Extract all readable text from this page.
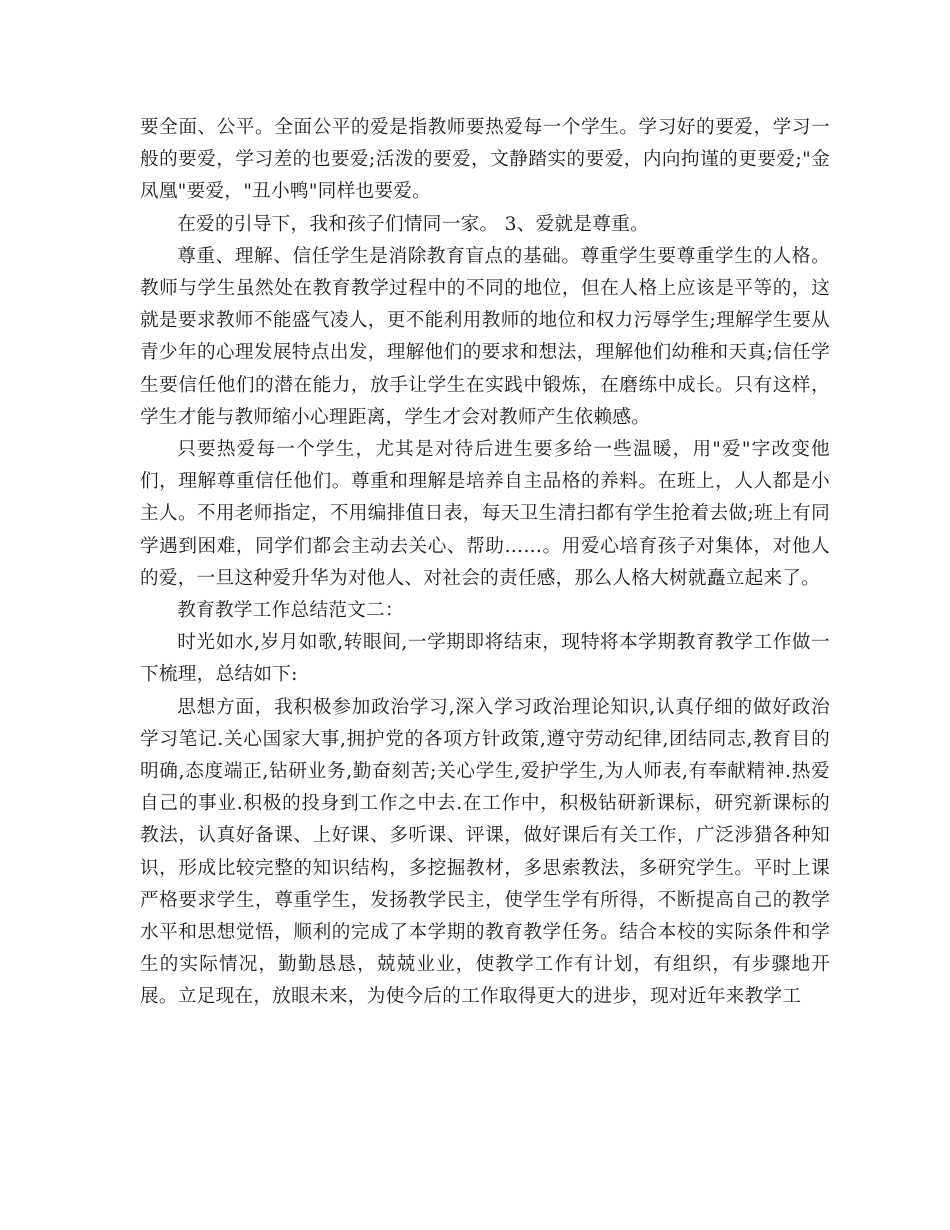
要全面、公平。全面公平的爱是指教师要热爱每一个学生。学习好的要爱，学习一般的要爱，学习差的也要爱;活泼的要爱，文静踏实的要爱，内向拘谨的更要爱;"金凤凰"要爱，"丑小鸭"同样也要爱。

在爱的引导下，我和孩子们情同一家。 3、爱就是尊重。

尊重、理解、信任学生是消除教育盲点的基础。尊重学生要尊重学生的人格。教师与学生虽然处在教育教学过程中的不同的地位，但在人格上应该是平等的，这就是要求教师不能盛气凌人，更不能利用教师的地位和权力污辱学生;理解学生要从青少年的心理发展特点出发，理解他们的要求和想法，理解他们幼稚和天真;信任学生要信任他们的潜在能力，放手让学生在实践中锻炼，在磨练中成长。只有这样，学生才能与教师缩小心理距离，学生才会对教师产生依赖感。

只要热爱每一个学生，尤其是对待后进生要多给一些温暖，用"爱"字改变他们，理解尊重信任他们。尊重和理解是培养自主品格的养料。在班上，人人都是小主人。不用老师指定，不用编排值日表，每天卫生清扫都有学生抢着去做;班上有同学遇到困难，同学们都会主动去关心、帮助……。用爱心培育孩子对集体，对他人的爱，一旦这种爱升华为对他人、对社会的责任感，那么人格大树就矗立起来了。

教育教学工作总结范文二：

时光如水,岁月如歌,转眼间,一学期即将结束，现特将本学期教育教学工作做一下梳理，总结如下:

思想方面，我积极参加政治学习,深入学习政治理论知识,认真仔细的做好政治学习笔记.关心国家大事,拥护党的各项方针政策,遵守劳动纪律,团结同志,教育目的明确,态度端正,钻研业务,勤奋刻苦;关心学生,爱护学生,为人师表,有奉献精神.热爱自己的事业.积极的投身到工作之中去.在工作中，积极钻研新课标，研究新课标的教法，认真好备课、上好课、多听课、评课，做好课后有关工作，广泛涉猎各种知识，形成比较完整的知识结构，多挖掘教材，多思索教法，多研究学生。平时上课严格要求学生，尊重学生，发扬教学民主，使学生学有所得，不断提高自己的教学水平和思想觉悟，顺利的完成了本学期的教育教学任务。结合本校的实际条件和学生的实际情况，勤勤恳恳，兢兢业业，使教学工作有计划，有组织，有步骤地开展。立足现在，放眼未来，为使今后的工作取得更大的进步，现对近年来教学工
